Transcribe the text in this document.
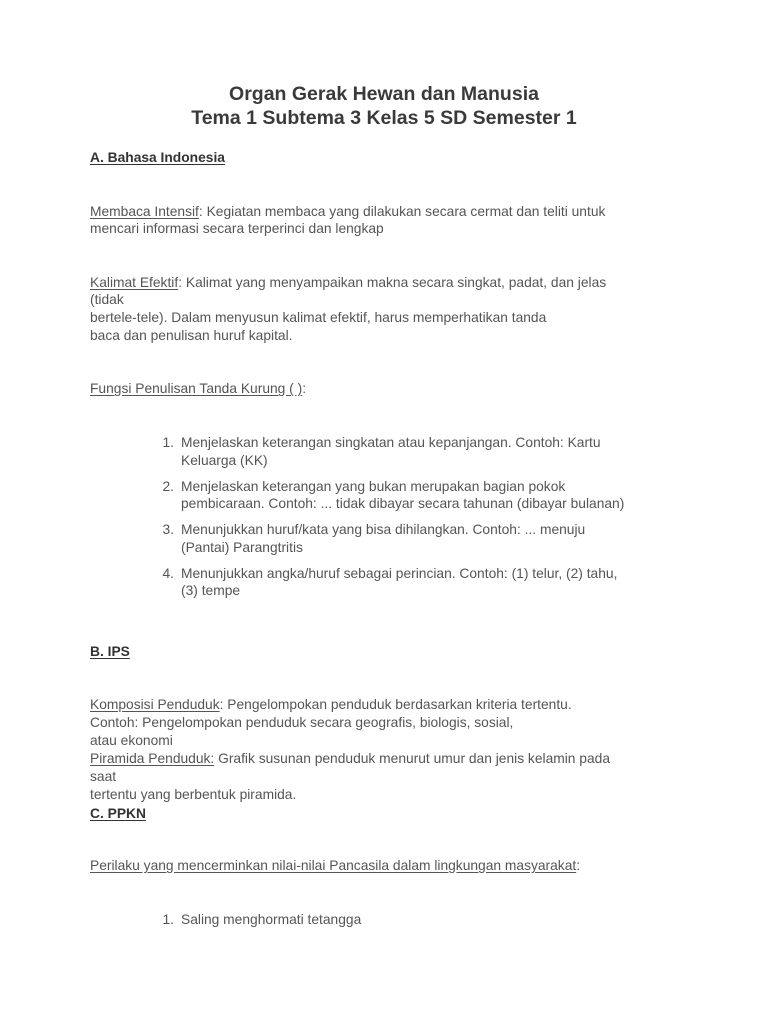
Organ Gerak Hewan dan Manusia
Tema 1 Subtema 3 Kelas 5 SD Semester 1
A. Bahasa Indonesia
Membaca Intensif: Kegiatan membaca yang dilakukan secara cermat dan teliti untuk
mencari informasi secara terperinci dan lengkap
Kalimat Efektif: Kalimat yang menyampaikan makna secara singkat, padat, dan jelas
(tidak
bertele-tele). Dalam menyusun kalimat efektif, harus memperhatikan tanda
baca dan penulisan huruf kapital.
Fungsi Penulisan Tanda Kurung ( ):
1. Menjelaskan keterangan singkatan atau kepanjangan. Contoh: Kartu
Keluarga (KK)
2. Menjelaskan keterangan yang bukan merupakan bagian pokok
pembicaraan. Contoh: ... tidak dibayar secara tahunan (dibayar bulanan)
3. Menunjukkan huruf/kata yang bisa dihilangkan. Contoh: ... menuju
(Pantai) Parangtritis
4. Menunjukkan angka/huruf sebagai perincian. Contoh: (1) telur, (2) tahu,
(3) tempe
B. IPS
Komposisi Penduduk: Pengelompokan penduduk berdasarkan kriteria tertentu.
Contoh: Pengelompokan penduduk secara geografis, biologis, sosial,
atau ekonomi
Piramida Penduduk: Grafik susunan penduduk menurut umur dan jenis kelamin pada
saat
tertentu yang berbentuk piramida.
C. PPKN
Perilaku yang mencerminkan nilai-nilai Pancasila dalam lingkungan masyarakat:
1. Saling menghormati tetangga
